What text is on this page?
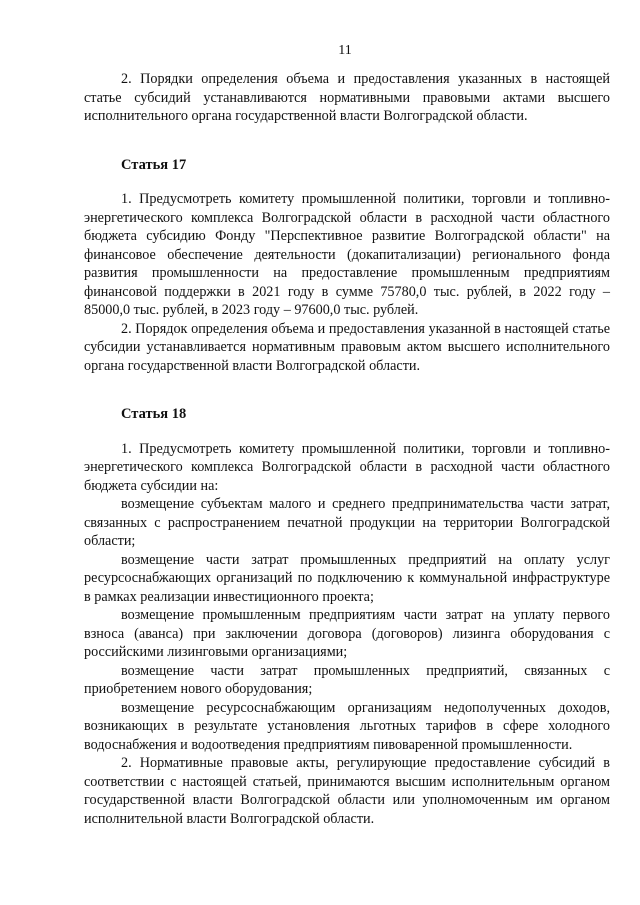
11

2. Порядки определения объема и предоставления указанных в настоящей статье субсидий устанавливаются нормативными правовыми актами высшего исполнительного органа государственной власти Волгоградской области.

Статья 17

1. Предусмотреть комитету промышленной политики, торговли и топливно-энергетического комплекса Волгоградской области в расходной части областного бюджета субсидию Фонду "Перспективное развитие Волгоградской области" на финансовое обеспечение деятельности (докапитализации) регионального фонда развития промышленности на предоставление промышленным предприятиям финансовой поддержки в 2021 году в сумме 75780,0 тыс. рублей, в 2022 году – 85000,0 тыс. рублей, в 2023 году – 97600,0 тыс. рублей.

2. Порядок определения объема и предоставления указанной в настоящей статье субсидии устанавливается нормативным правовым актом высшего исполнительного органа государственной власти Волгоградской области.

Статья 18

1. Предусмотреть комитету промышленной политики, торговли и топливно-энергетического комплекса Волгоградской области в расходной части областного бюджета субсидии на:

возмещение субъектам малого и среднего предпринимательства части затрат, связанных с распространением печатной продукции на территории Волгоградской области;

возмещение части затрат промышленных предприятий на оплату услуг ресурсоснабжающих организаций по подключению к коммунальной инфраструктуре в рамках реализации инвестиционного проекта;

возмещение промышленным предприятиям части затрат на уплату первого взноса (аванса) при заключении договора (договоров) лизинга оборудования с российскими лизинговыми организациями;

возмещение части затрат промышленных предприятий, связанных с приобретением нового оборудования;

возмещение ресурсоснабжающим организациям недополученных доходов, возникающих в результате установления льготных тарифов в сфере холодного водоснабжения и водоотведения предприятиям пивоваренной промышленности.

2. Нормативные правовые акты, регулирующие предоставление субсидий в соответствии с настоящей статьей, принимаются высшим исполнительным органом государственной власти Волгоградской области или уполномоченным им органом исполнительной власти Волгоградской области.
